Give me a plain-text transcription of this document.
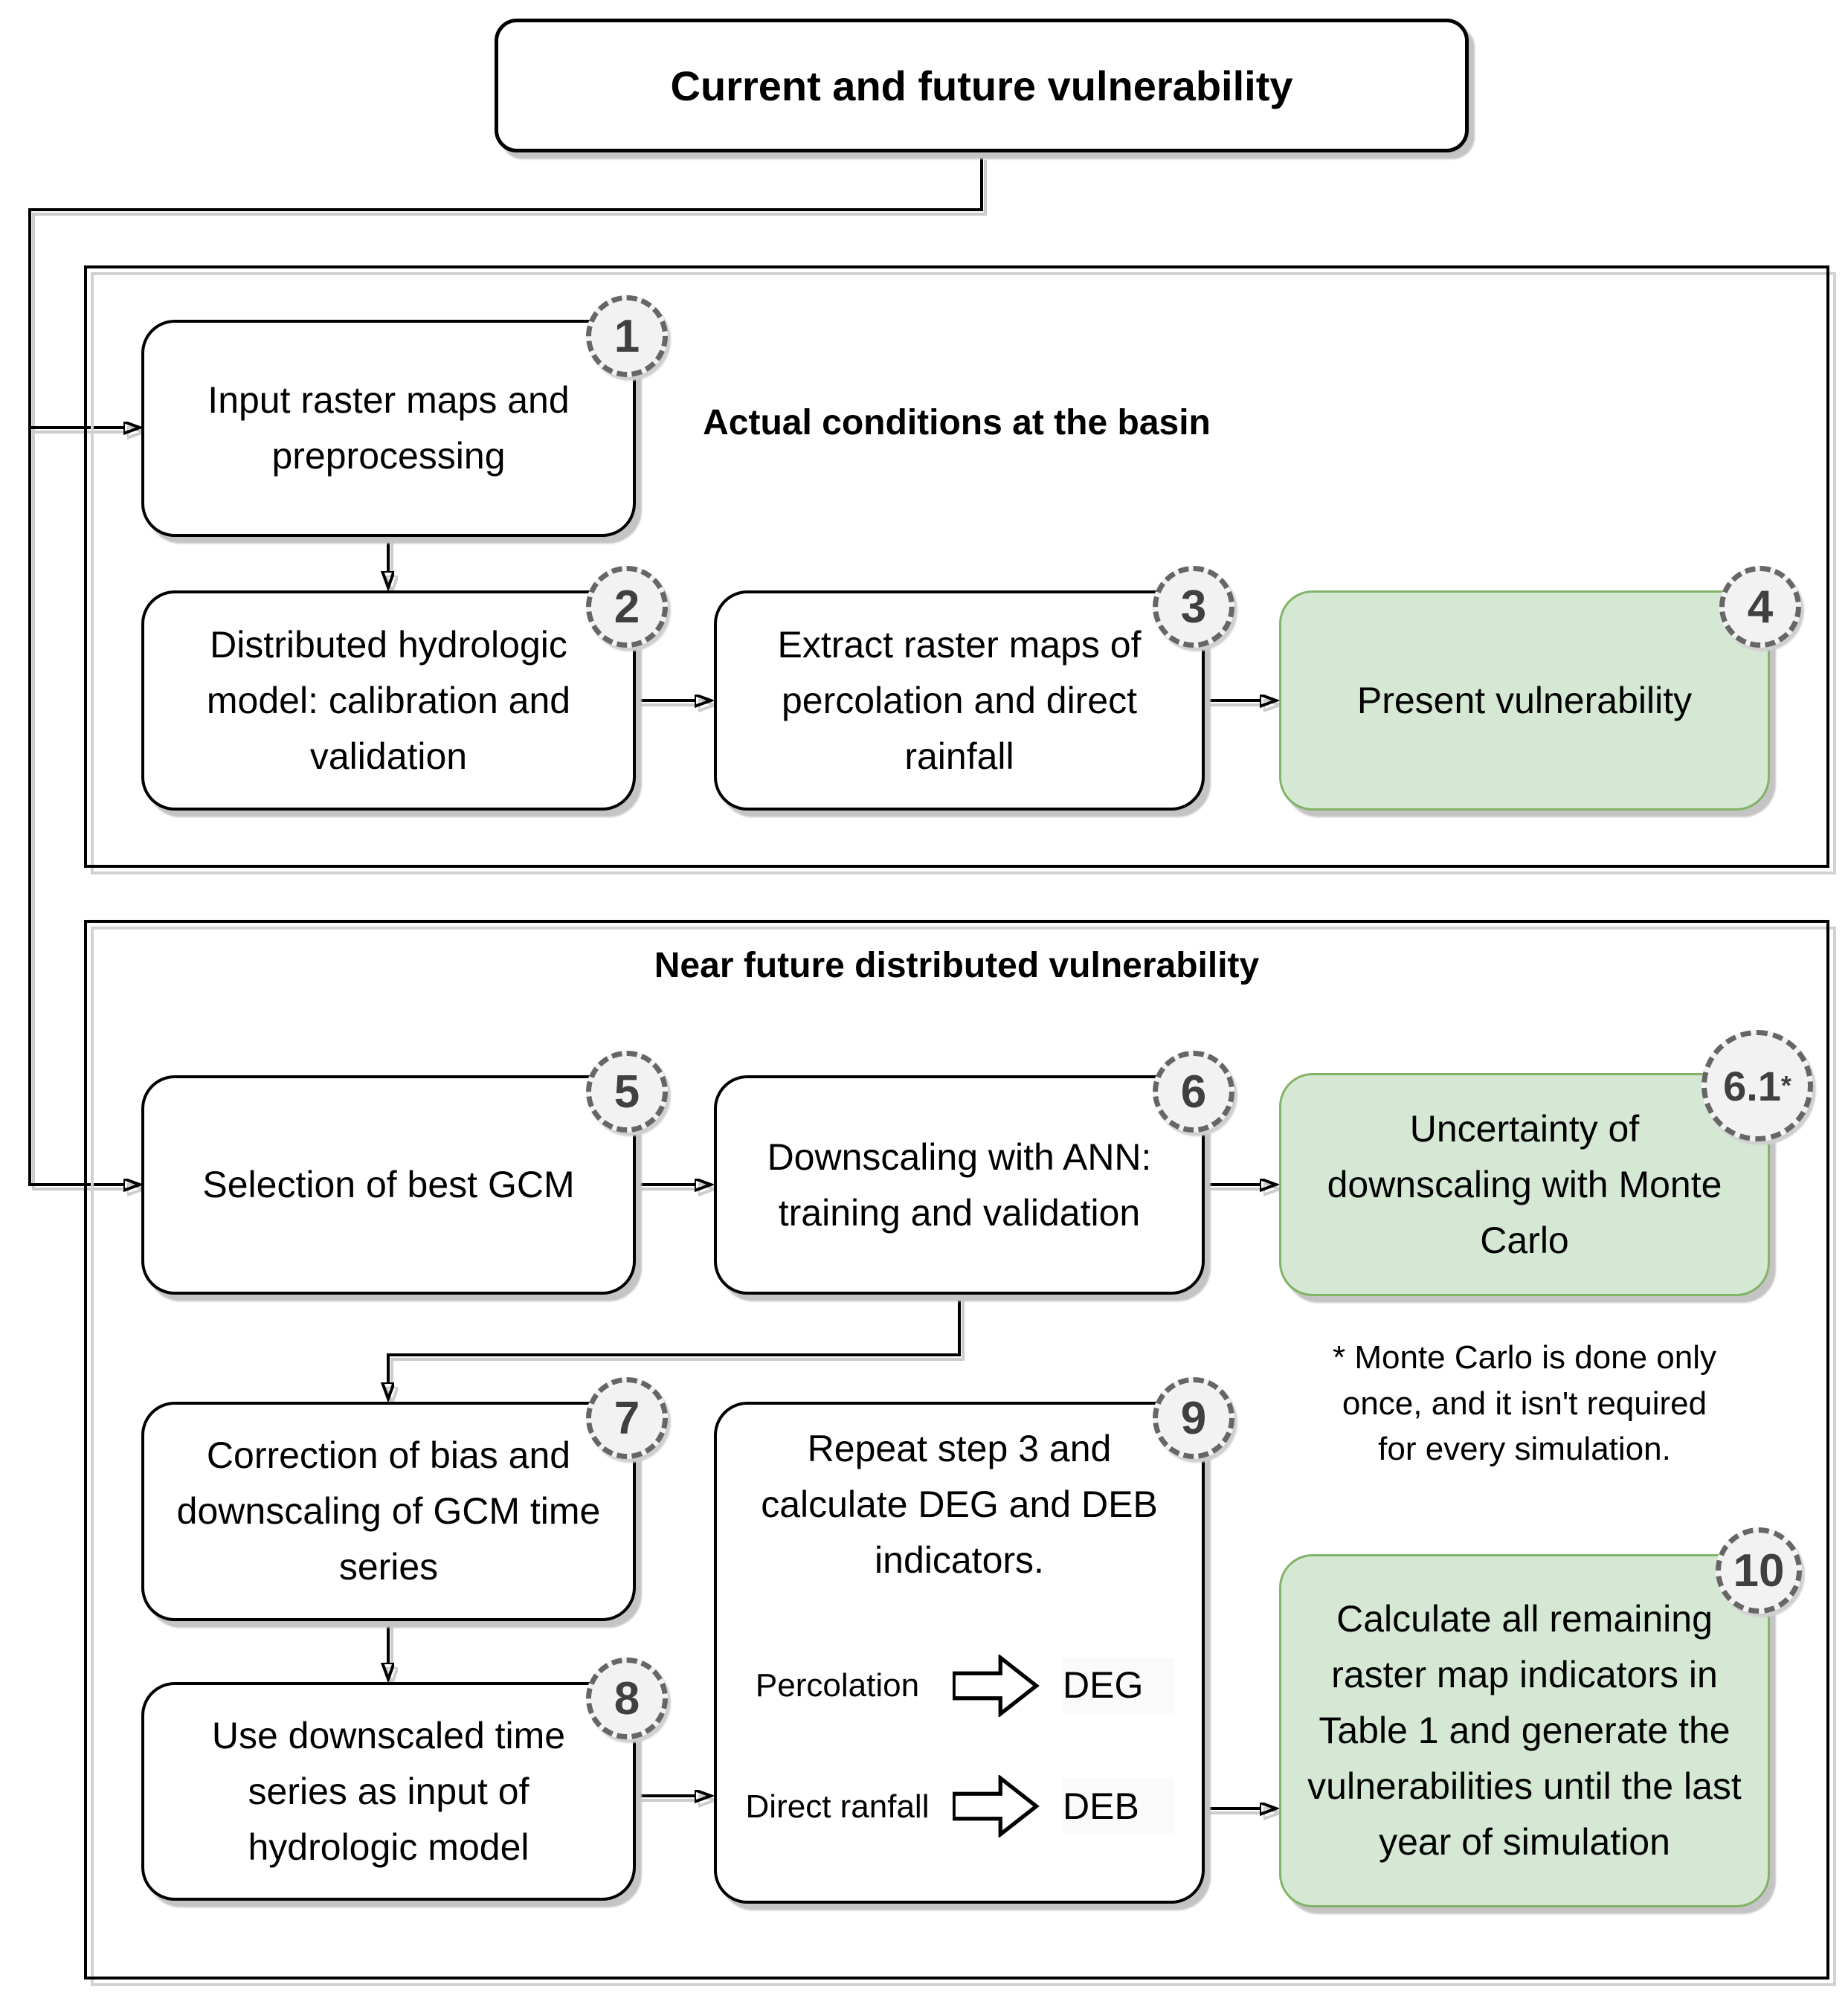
Current and future vulnerability
Actual conditions at the basin
Input raster maps and preprocessing
Distributed hydrologic model: calibration and validation
Extract raster maps of percolation and direct rainfall
Present vulnerability
1
2	3	4
Near future distributed vulnerability
Selection of best GCM
Downscaling with ANN: training and validation
Uncertainty of downscaling with Monte Carlo
5	6	6.1 *
* Monte Carlo is done only once, and it isn't required for every simulation.
Correction of bias and downscaling of GCM time series
Use downscaled time series as input of hydrologic model
Repeat step 3 and calculate DEG and DEB indicators.
Percolation	DEG
Direct ranfall	DEB
Calculate all remaining raster map indicators in Table 1 and generate the vulnerabilities until the last year of simulation
7
8
9
10
